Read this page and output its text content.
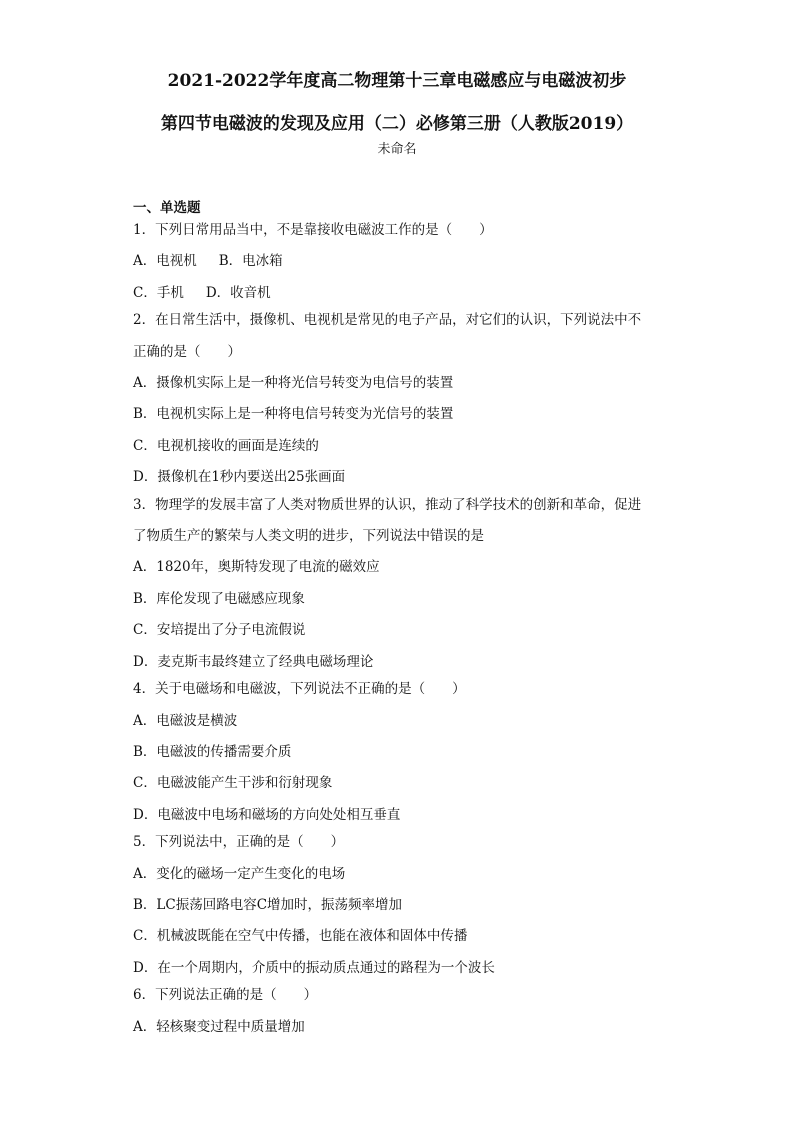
2021-2022学年度高二物理第十三章电磁感应与电磁波初步

第四节电磁波的发现及应用（二）必修第三册（人教版2019）

未命名

一、单选题

1．下列日常用品当中，不是靠接收电磁波工作的是（　　）

A．电视机 B．电冰箱

C．手机 D．收音机

2．在日常生活中，摄像机、电视机是常见的电子产品，对它们的认识，下列说法中不

正确的是（　　）

A．摄像机实际上是一种将光信号转变为电信号的装置

B．电视机实际上是一种将电信号转变为光信号的装置

C．电视机接收的画面是连续的

D．摄像机在1秒内要送出25张画面

3．物理学的发展丰富了人类对物质世界的认识，推动了科学技术的创新和革命，促进

了物质生产的繁荣与人类文明的进步，下列说法中错误的是

A．1820年，奥斯特发现了电流的磁效应

B．库伦发现了电磁感应现象

C．安培提出了分子电流假说

D．麦克斯韦最终建立了经典电磁场理论

4．关于电磁场和电磁波，下列说法不正确的是（　　）

A．电磁波是横波

B．电磁波的传播需要介质

C．电磁波能产生干涉和衍射现象

D．电磁波中电场和磁场的方向处处相互垂直

5．下列说法中，正确的是（　　）

A．变化的磁场一定产生变化的电场

B．LC振荡回路电容C增加时，振荡频率增加

C．机械波既能在空气中传播，也能在液体和固体中传播

D．在一个周期内，介质中的振动质点通过的路程为一个波长

6．下列说法正确的是（　　）

A．轻核聚变过程中质量增加
